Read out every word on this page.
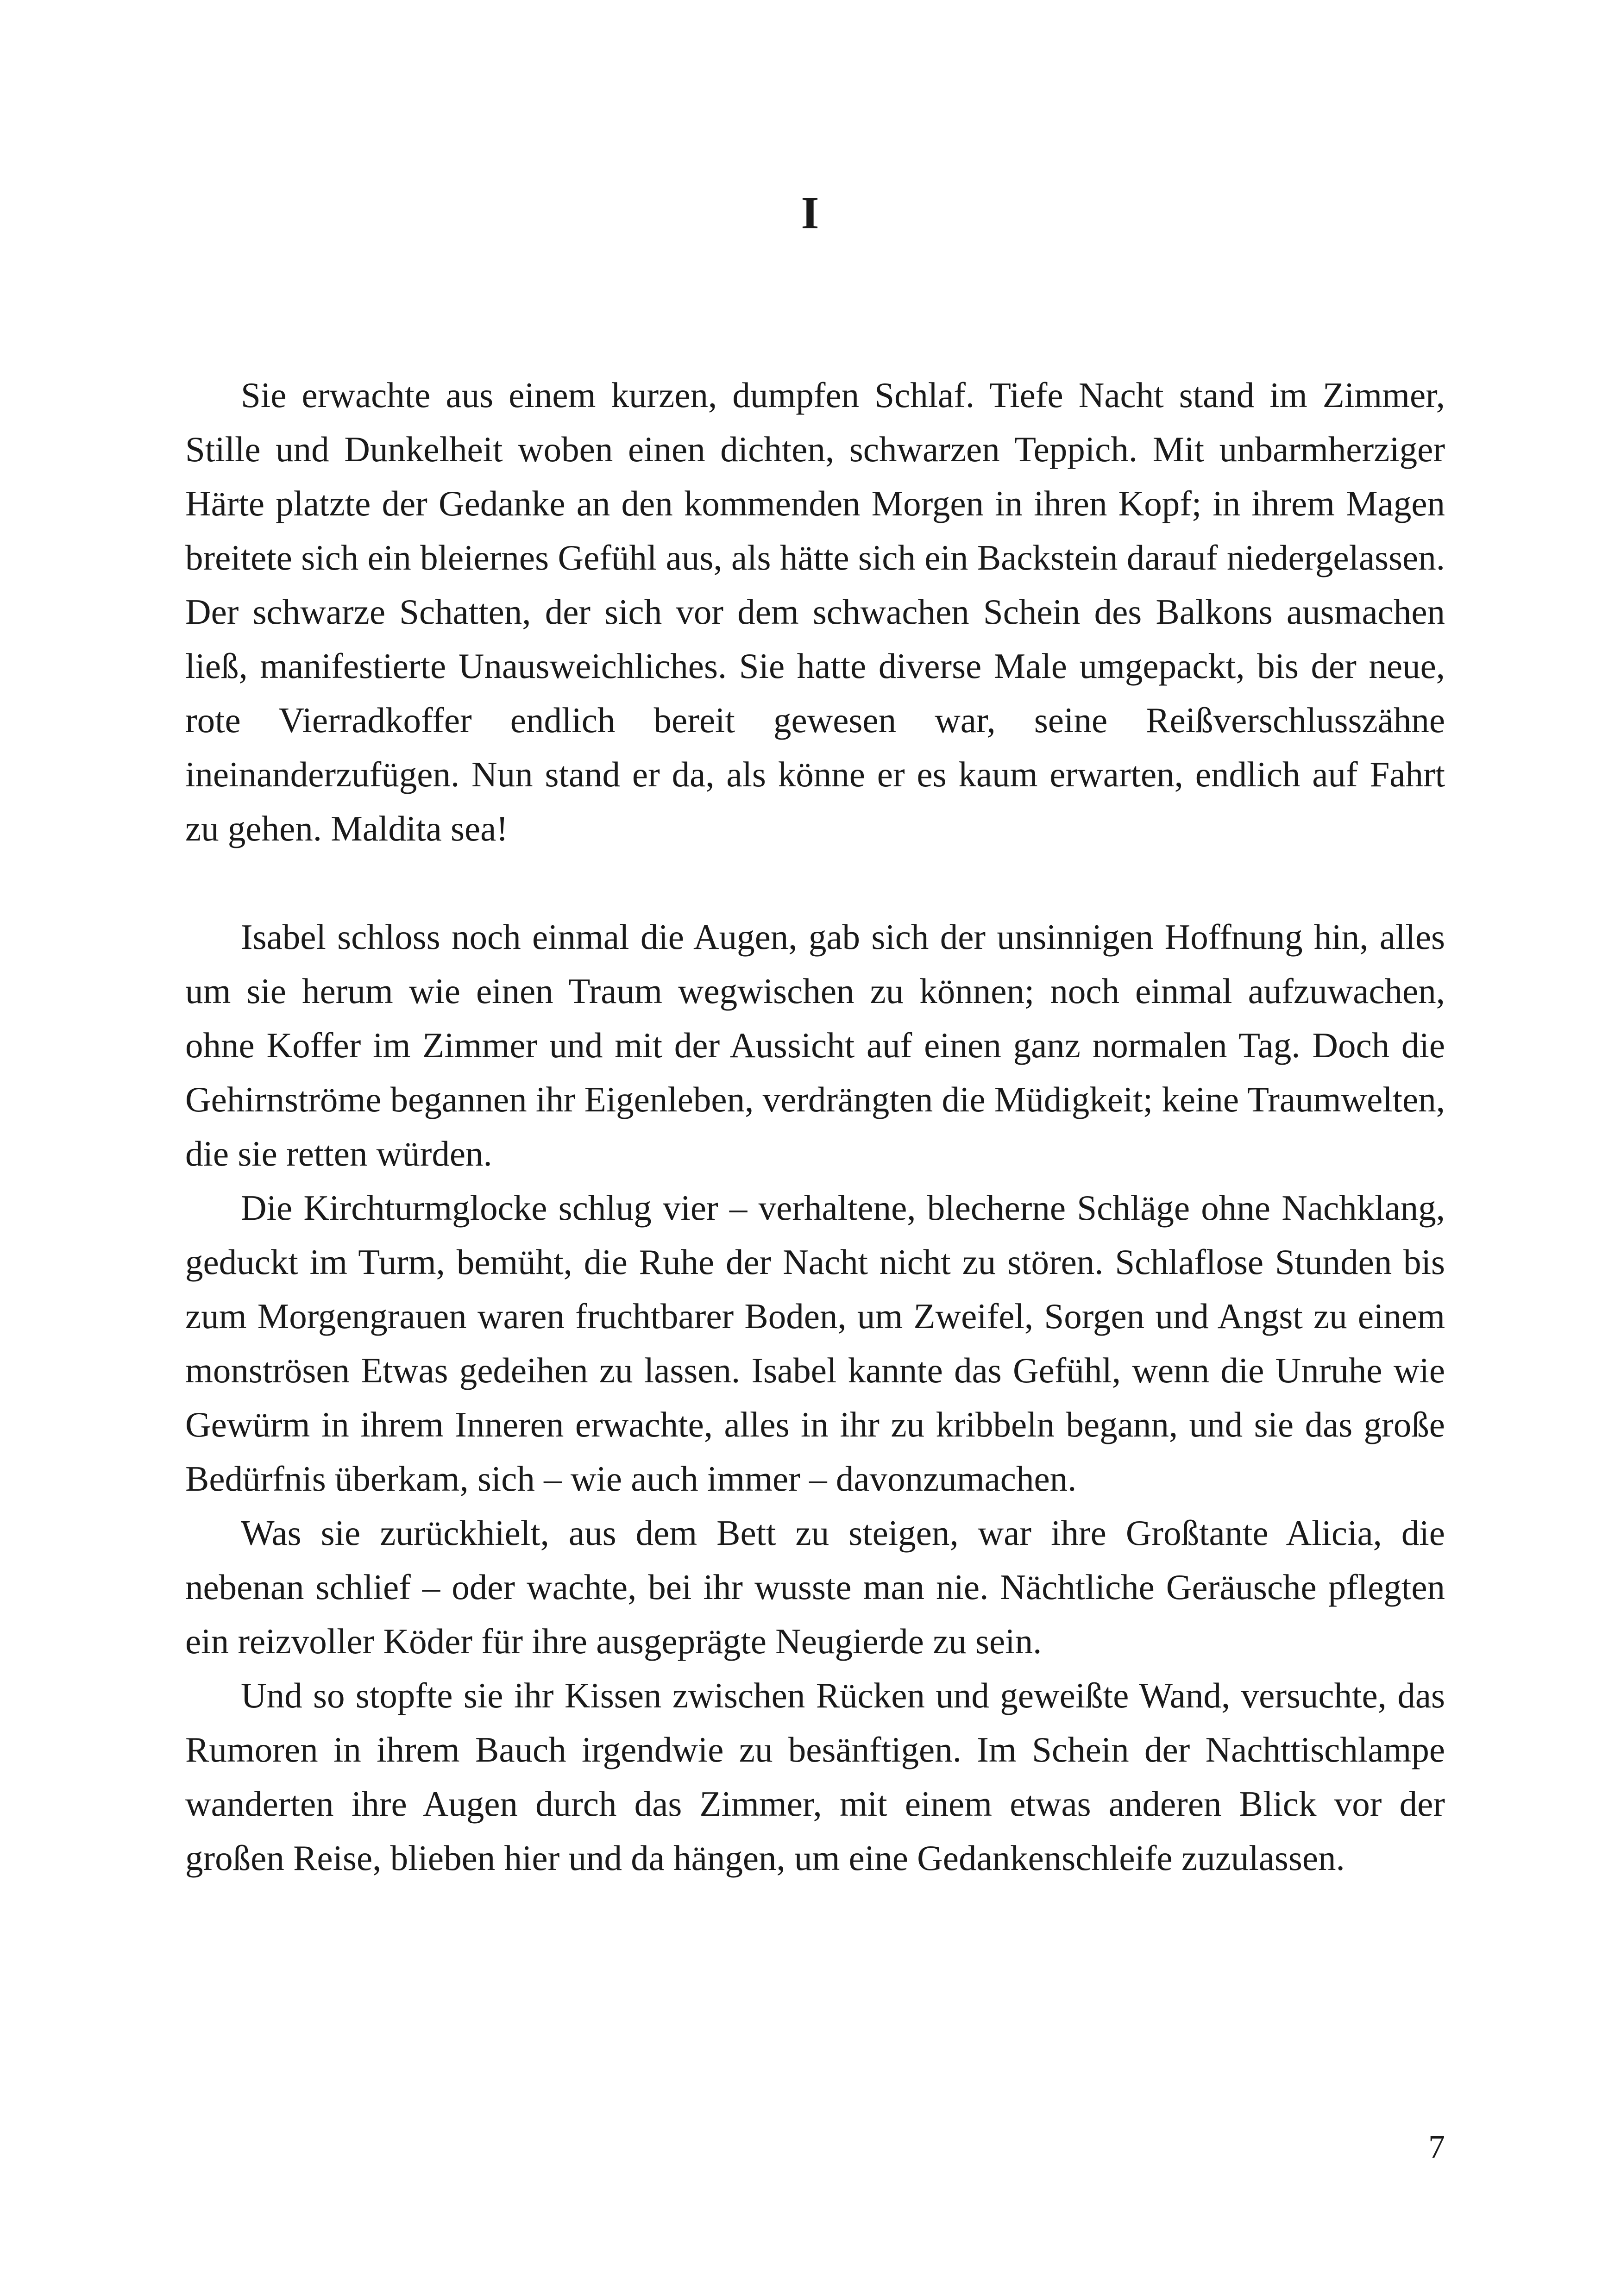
I

Sie erwachte aus einem kurzen, dumpfen Schlaf. Tiefe Nacht stand im Zimmer, Stille und Dunkelheit woben einen dichten, schwarzen Teppich. Mit unbarmherziger Härte platzte der Gedanke an den kommenden Morgen in ihren Kopf; in ihrem Magen breitete sich ein bleiernes Gefühl aus, als hätte sich ein Backstein darauf niedergelassen. Der schwarze Schatten, der sich vor dem schwachen Schein des Balkons ausmachen ließ, manifestierte Unausweichliches. Sie hatte diverse Male umgepackt, bis der neue, rote Vierradkoffer endlich bereit gewesen war, seine Reißverschlusszähne ineinanderzufügen. Nun stand er da, als könne er es kaum erwarten, endlich auf Fahrt zu gehen. Maldita sea!

Isabel schloss noch einmal die Augen, gab sich der unsinnigen Hoffnung hin, alles um sie herum wie einen Traum wegwischen zu können; noch einmal aufzuwachen, ohne Koffer im Zimmer und mit der Aussicht auf einen ganz normalen Tag. Doch die Gehirnströme begannen ihr Eigenleben, verdrängten die Müdigkeit; keine Traumwelten, die sie retten würden.

Die Kirchturmglocke schlug vier – verhaltene, blecherne Schläge ohne Nachklang, geduckt im Turm, bemüht, die Ruhe der Nacht nicht zu stören. Schlaflose Stunden bis zum Morgengrauen waren fruchtbarer Boden, um Zweifel, Sorgen und Angst zu einem monströsen Etwas gedeihen zu lassen. Isabel kannte das Gefühl, wenn die Unruhe wie Gewürm in ihrem Inneren erwachte, alles in ihr zu kribbeln begann, und sie das große Bedürfnis überkam, sich – wie auch immer – davonzumachen.

Was sie zurückhielt, aus dem Bett zu steigen, war ihre Großtante Alicia, die nebenan schlief – oder wachte, bei ihr wusste man nie. Nächtliche Geräusche pflegten ein reizvoller Köder für ihre ausgeprägte Neugierde zu sein.

Und so stopfte sie ihr Kissen zwischen Rücken und geweißte Wand, versuchte, das Rumoren in ihrem Bauch irgendwie zu besänftigen. Im Schein der Nachttischlampe wanderten ihre Augen durch das Zimmer, mit einem etwas anderen Blick vor der großen Reise, blieben hier und da hängen, um eine Gedankenschleife zuzulassen.

7
